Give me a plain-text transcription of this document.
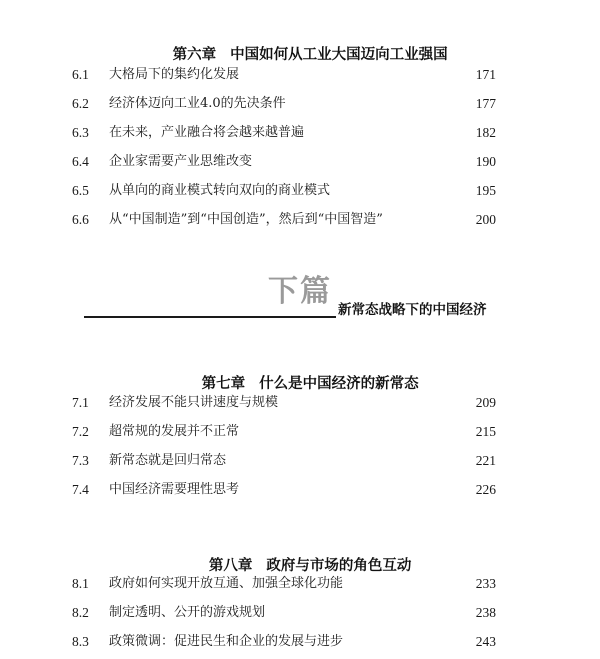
第六章 中国如何从工业大国迈向工业强国

6.1	大格局下的集约化发展	171
6.2	经济体迈向工业4.0的先决条件	177
6.3	在未来，产业融合将会越来越普遍	182
6.4	企业家需要产业思维改变	190
6.5	从单向的商业模式转向双向的商业模式	195
6.6	从“中国制造”到“中国创造”，然后到“中国智造”	200
下篇
新常态战略下的中国经济

第七章 什么是中国经济的新常态

7.1	经济发展不能只讲速度与规模	209
7.2	超常规的发展并不正常	215
7.3	新常态就是回归常态	221
7.4	中国经济需要理性思考	226

第八章 政府与市场的角色互动

8.1	政府如何实现开放互通、加强全球化功能	233
8.2	制定透明、公开的游戏规划	238
8.3	政策微调：促进民生和企业的发展与进步	243
